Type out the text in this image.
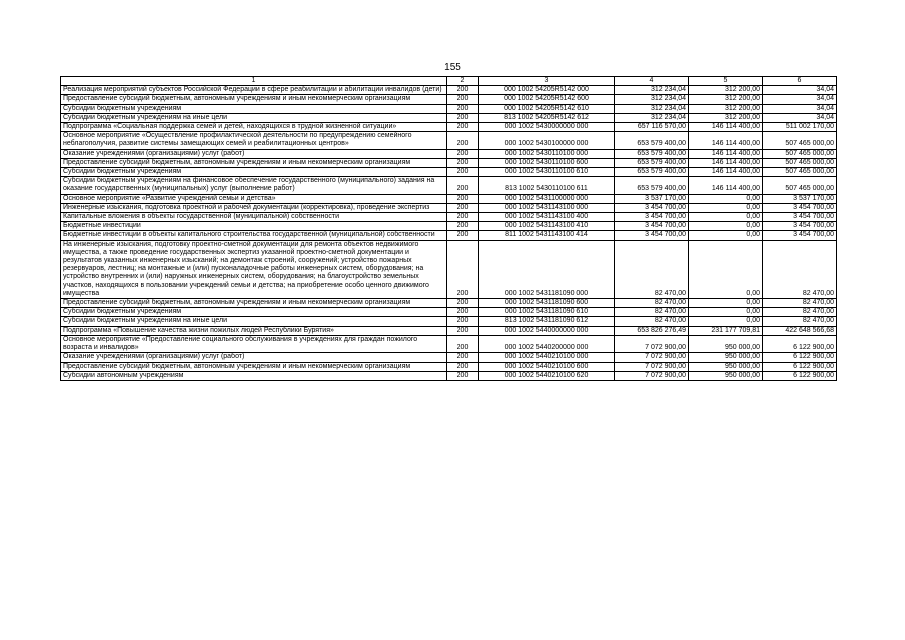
155
1	2	3	4	5	6
Реализация мероприятий субъектов Российской Федерации в сфере реабилитации и абилитации инвалидов (дети)	200	000 1002 54205R5142 000	312 234,04	312 200,00	34,04
Предоставление субсидий бюджетным, автономным учреждениям и иным некоммерческим организациям	200	000 1002 54205R5142 600	312 234,04	312 200,00	34,04
Субсидии бюджетным учреждениям	200	000 1002 54205R5142 610	312 234,04	312 200,00	34,04
Субсидии бюджетным учреждениям на иные цели	200	813 1002 54205R5142 612	312 234,04	312 200,00	34,04
Подпрограмма «Социальная поддержка семей и детей, находящихся в трудной жизненной ситуации»	200	000 1002 5430000000 000	657 116 570,00	146 114 400,00	511 002 170,00
Основное мероприятие «Осуществление профилактической деятельности по предупреждению семейного неблагополучия, развитие системы замещающих семей и реабилитационных центров»	200	000 1002 5430100000 000	653 579 400,00	146 114 400,00	507 465 000,00
Оказание учреждениями (организациями) услуг (работ)	200	000 1002 5430110100 000	653 579 400,00	146 114 400,00	507 465 000,00
Предоставление субсидий бюджетным, автономным учреждениям и иным некоммерческим организациям	200	000 1002 5430110100 600	653 579 400,00	146 114 400,00	507 465 000,00
Субсидии бюджетным учреждениям	200	000 1002 5430110100 610	653 579 400,00	146 114 400,00	507 465 000,00
Субсидии бюджетным учреждениям на финансовое обеспечение государственного (муниципального) задания на оказание государственных (муниципальных) услуг (выполнение работ)	200	813 1002 5430110100 611	653 579 400,00	146 114 400,00	507 465 000,00
Основное мероприятие «Развитие учреждений семьи и детства»	200	000 1002 5431100000 000	3 537 170,00	0,00	3 537 170,00
Инженерные изыскания, подготовка проектной и рабочей документации (корректировка), проведение экспертиз	200	000 1002 5431143100 000	3 454 700,00	0,00	3 454 700,00
Капитальные вложения в объекты государственной (муниципальной) собственности	200	000 1002 5431143100 400	3 454 700,00	0,00	3 454 700,00
Бюджетные инвестиции	200	000 1002 5431143100 410	3 454 700,00	0,00	3 454 700,00
Бюджетные инвестиции в объекты капитального строительства государственной (муниципальной) собственности	200	811 1002 5431143100 414	3 454 700,00	0,00	3 454 700,00
На инженерные изыскания, подготовку проектно-сметной документации для ремонта объектов недвижимого имущества, а также проведение государственных экспертиз указанной проектно-сметной документации и результатов указанных инженерных изысканий; на демонтаж строений, сооружений; устройство пожарных резервуаров, лестниц; на монтажные и (или) пусконаладочные работы инженерных систем, оборудования; на устройство внутренних и (или) наружных инженерных систем, оборудования; на благоустройство земельных участков, находящихся в пользовании учреждений семьи и детства; на приобретение особо ценного движимого имущества	200	000 1002 5431181090 000	82 470,00	0,00	82 470,00
Предоставление субсидий бюджетным, автономным учреждениям и иным некоммерческим организациям	200	000 1002 5431181090 600	82 470,00	0,00	82 470,00
Субсидии бюджетным учреждениям	200	000 1002 5431181090 610	82 470,00	0,00	82 470,00
Субсидии бюджетным учреждениям на иные цели	200	813 1002 5431181090 612	82 470,00	0,00	82 470,00
Подпрограмма «Повышение качества жизни пожилых людей Республики Бурятия»	200	000 1002 5440000000 000	653 826 276,49	231 177 709,81	422 648 566,68
Основное мероприятие «Предоставление социального обслуживания в учреждениях для граждан пожилого возраста и инвалидов»	200	000 1002 5440200000 000	7 072 900,00	950 000,00	6 122 900,00
Оказание учреждениями (организациями) услуг (работ)	200	000 1002 5440210100 000	7 072 900,00	950 000,00	6 122 900,00
Предоставление субсидий бюджетным, автономным учреждениям и иным некоммерческим организациям	200	000 1002 5440210100 600	7 072 900,00	950 000,00	6 122 900,00
Субсидии автономным учреждениям	200	000 1002 5440210100 620	7 072 900,00	950 000,00	6 122 900,00
